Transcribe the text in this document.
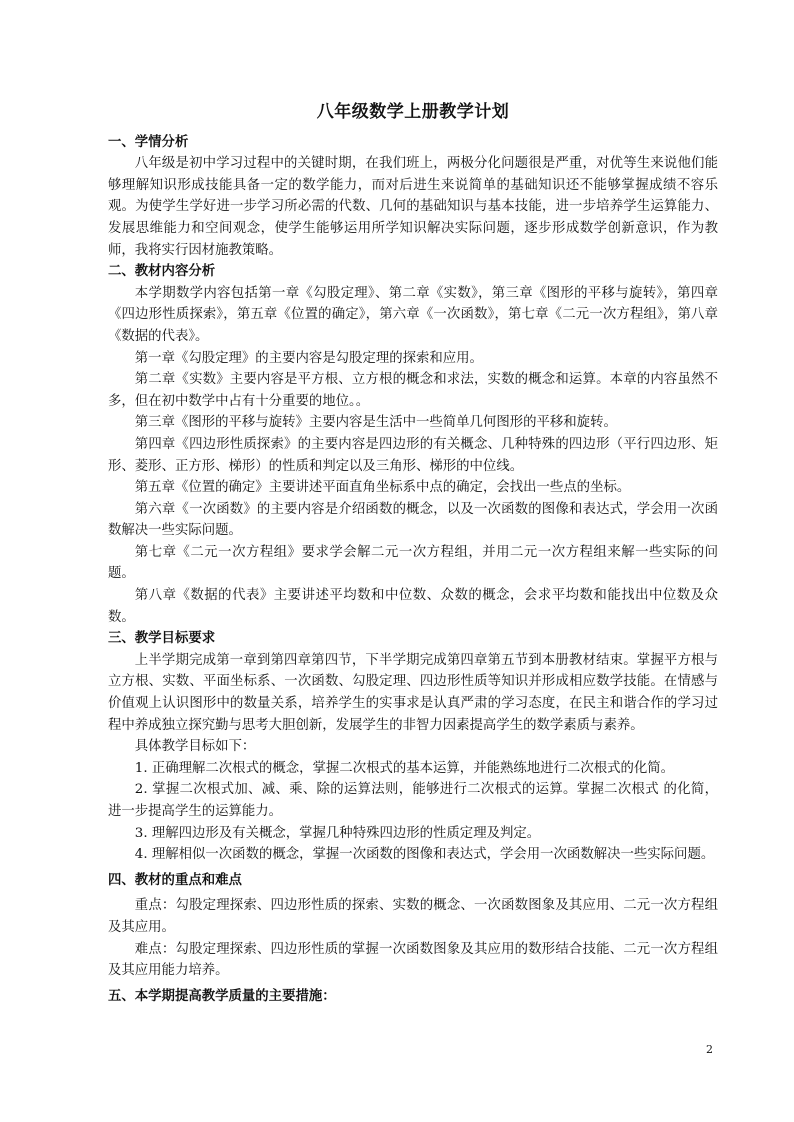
八年级数学上册教学计划
一、学情分析

八年级是初中学习过程中的关键时期，在我们班上，两极分化问题很是严重，对优等生来说他们能够理解知识形成技能具备一定的数学能力，而对后进生来说简单的基础知识还不能够掌握成绩不容乐观。为使学生学好进一步学习所必需的代数、几何的基础知识与基本技能，进一步培养学生运算能力、发展思维能力和空间观念，使学生能够运用所学知识解决实际问题，逐步形成数学创新意识，作为教师，我将实行因材施教策略。

二、教材内容分析

本学期数学内容包括第一章《勾股定理》、第二章《实数》，第三章《图形的平移与旋转》，第四章《四边形性质探索》，第五章《位置的确定》，第六章《一次函数》，第七章《二元一次方程组》，第八章《数据的代表》。

第一章《勾股定理》的主要内容是勾股定理的探索和应用。

第二章《实数》主要内容是平方根、立方根的概念和求法，实数的概念和运算。本章的内容虽然不多，但在初中数学中占有十分重要的地位。。

第三章《图形的平移与旋转》主要内容是生活中一些简单几何图形的平移和旋转。

第四章《四边形性质探索》的主要内容是四边形的有关概念、几种特殊的四边形（平行四边形、矩形、菱形、正方形、梯形）的性质和判定以及三角形、梯形的中位线。

第五章《位置的确定》主要讲述平面直角坐标系中点的确定，会找出一些点的坐标。

第六章《一次函数》的主要内容是介绍函数的概念，以及一次函数的图像和表达式，学会用一次函数解决一些实际问题。

第七章《二元一次方程组》要求学会解二元一次方程组，并用二元一次方程组来解一些实际的问题。

第八章《数据的代表》主要讲述平均数和中位数、众数的概念，会求平均数和能找出中位数及众数。

三、教学目标要求

上半学期完成第一章到第四章第四节，下半学期完成第四章第五节到本册教材结束。掌握平方根与立方根、实数、平面坐标系、一次函数、勾股定理、四边形性质等知识并形成相应数学技能。在情感与价值观上认识图形中的数量关系，培养学生的实事求是认真严肃的学习态度，在民主和谐合作的学习过程中养成独立探究勤与思考大胆创新，发展学生的非智力因素提高学生的数学素质与素养。

具体教学目标如下：

1. 正确理解二次根式的概念，掌握二次根式的基本运算，并能熟练地进行二次根式的化简。

2. 掌握二次根式加、减、乘、除的运算法则，能够进行二次根式的运算。掌握二次根式 的化简，进一步提高学生的运算能力。

3. 理解四边形及有关概念，掌握几种特殊四边形的性质定理及判定。

4. 理解相似一次函数的概念，掌握一次函数的图像和表达式，学会用一次函数解决一些实际问题。

四、教材的重点和难点

重点：勾股定理探索、四边形性质的探索、实数的概念、一次函数图象及其应用、二元一次方程组及其应用。

难点：勾股定理探索、四边形性质的掌握一次函数图象及其应用的数形结合技能、二元一次方程组及其应用能力培养。

五、本学期提高教学质量的主要措施：
2
